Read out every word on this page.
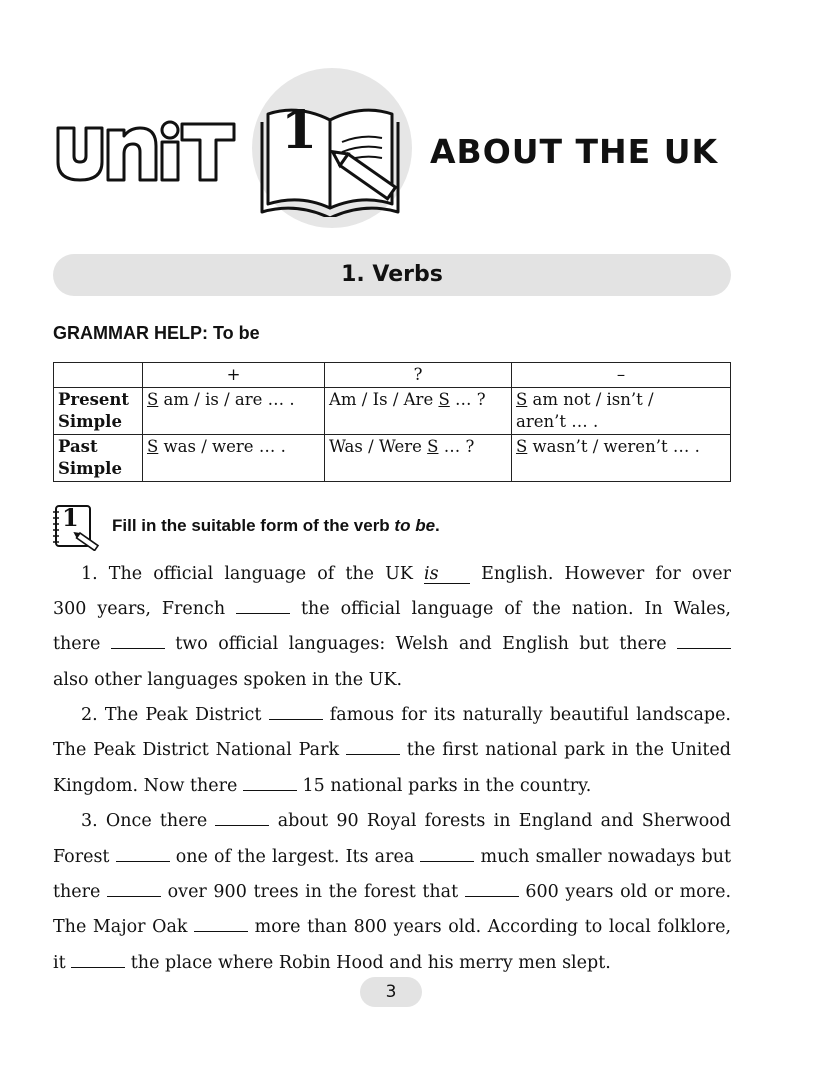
1	ABOUT THE UK
1. Verbs
GRAMMAR HELP: To be
	+	?	–
Present
Simple	S am / is / are … .	Am / Is / Are S … ?	S am not / isn’t /
aren’t … .
Past
Simple	S was / were … .	Was / Were S … ?	S wasn’t / weren’t … .
1 Fill in the suitable form of the verb to be.
1. The official language of the UK is English. However for over
300 years, French	the official language of the nation. In Wales,
there	two official languages: Welsh and English but there
also other languages spoken in the UK.
2. The Peak District	famous for its naturally beautiful landscape.
The Peak District National Park	the first national park in the United
Kingdom. Now there	15 national parks in the country.
3. Once there	about 90 Royal forests in England and Sherwood
Forest	one of the largest. Its area	much smaller nowadays but
there	over 900 trees in the forest that	600 years old or more.
The Major Oak	more than 800 years old. According to local folklore,
it	the place where Robin Hood and his merry men slept.
3
